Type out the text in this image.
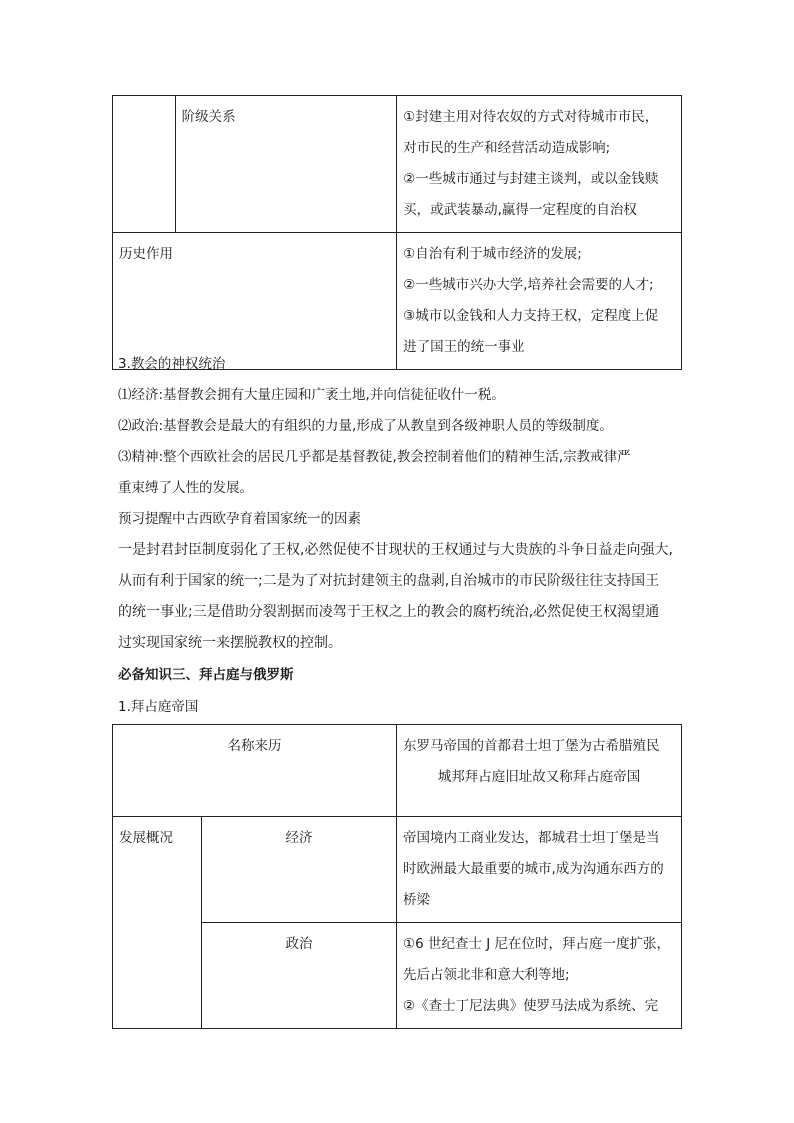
	阶级关系	①封建主用对待农奴的方式对待城市市民，
对市民的生产和经营活动造成影响;
②一些城市通过与封建主谈判，或以金钱赎
买，或武装暴动,赢得一定程度的自治权

历史作用		①自治有利于城市经济的发展;
②一些城市兴办大学,培养社会需要的人才;
③城市以金钱和人力支持王权，定程度上促
进了国王的统一事业

3.教会的神权统治

⑴经济:基督教会拥有大量庄园和广袤土地,并向信徒征收什一税。

⑵政治:基督教会是最大的有组织的力量,形成了从教皇到各级神职人员的等级制度。

⑶精神:整个西欧社会的居民几乎都是基督教徒,教会控制着他们的精神生活,宗教戒律严
重束缚了人性的发展。

预习提醒中古西欧孕育着国家统一的因素

一是封君封臣制度弱化了王权,必然促使不甘现状的王权通过与大贵族的斗争日益走向强大,
从而有利于国家的统一;二是为了对抗封建领主的盘剥,自治城市的市民阶级往往支持国王
的统一事业;三是借助分裂割据而凌驾于王权之上的教会的腐朽统治,必然促使王权渴望通
过实现国家统一来摆脱教权的控制。

必备知识三、拜占庭与俄罗斯

1.拜占庭帝国

名称来历		东罗马帝国的首都君士坦丁堡为古希腊殖民
城邦拜占庭旧址故又称拜占庭帝国

发展概况	经济	帝国境内工商业发达，都城君士坦丁堡是当
时欧洲最大最重要的城市,成为沟通东西方的
桥梁

	政治	①6 世纪查士 J 尼在位时，拜占庭一度扩张，
先后占领北非和意大利等地;
②《查士丁尼法典》使罗马法成为系统、完
